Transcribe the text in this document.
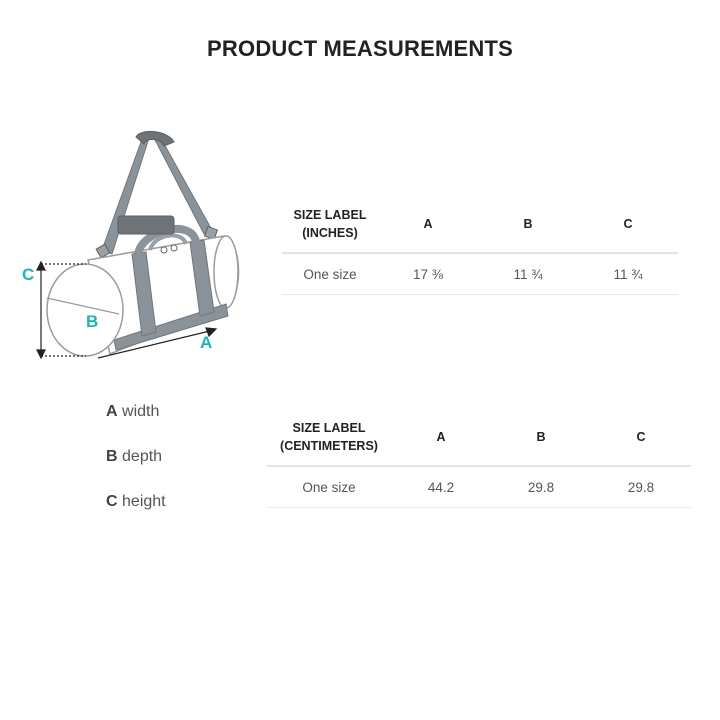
PRODUCT MEASUREMENTS
C
B
A
A width
B depth
C height
SIZE LABEL
(INCHES)	A	B	C
One size	17 ⅜	11 ¾	11 ¾
SIZE LABEL
(CENTIMETERS)	A	B	C
One size	44.2	29.8	29.8
